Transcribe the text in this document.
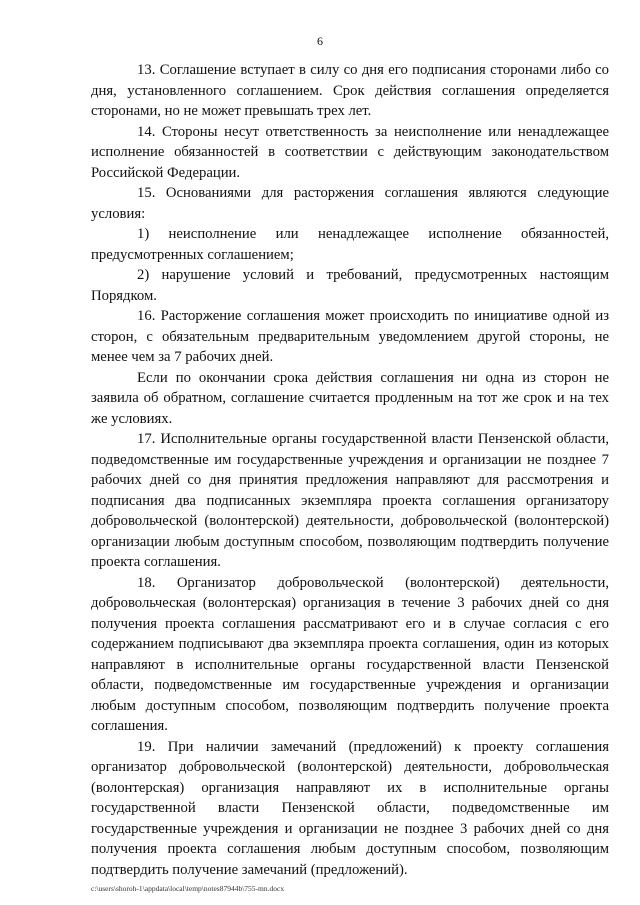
6

13. Соглашение вступает в силу со дня его подписания сторонами либо со дня, установленного соглашением. Срок действия соглашения определяется сторонами, но не может превышать трех лет.

14. Стороны несут ответственность за неисполнение или ненадлежащее исполнение обязанностей в соответствии с действующим законодательством Российской Федерации.

15. Основаниями для расторжения соглашения являются следующие условия:

1) неисполнение или ненадлежащее исполнение обязанностей, предусмотренных соглашением;

2) нарушение условий и требований, предусмотренных настоящим Порядком.

16. Расторжение соглашения может происходить по инициативе одной из сторон, с обязательным предварительным уведомлением другой стороны, не менее чем за 7 рабочих дней.

Если по окончании срока действия соглашения ни одна из сторон не заявила об обратном, соглашение считается продленным на тот же срок и на тех же условиях.

17. Исполнительные органы государственной власти Пензенской области, подведомственные им государственные учреждения и организации не позднее 7 рабочих дней со дня принятия предложения направляют для рассмотрения и подписания два подписанных экземпляра проекта соглашения организатору добровольческой (волонтерской) деятельности, добровольческой (волонтерской) организации любым доступным способом, позволяющим подтвердить получение проекта соглашения.

18. Организатор добровольческой (волонтерской) деятельности, добровольческая (волонтерская) организация в течение 3 рабочих дней со дня получения проекта соглашения рассматривают его и в случае согласия с его содержанием подписывают два экземпляра проекта соглашения, один из которых направляют в исполнительные органы государственной власти Пензенской области, подведомственные им государственные учреждения и организации любым доступным способом, позволяющим подтвердить получение проекта соглашения.

19. При наличии замечаний (предложений) к проекту соглашения организатор добровольческой (волонтерской) деятельности, добровольческая (волонтерская) организация направляют их в исполнительные органы государственной власти Пензенской области, подведомственные им государственные учреждения и организации не позднее 3 рабочих дней со дня получения проекта соглашения любым доступным способом, позволяющим подтвердить получение замечаний (предложений).

c:\users\shoroh-1\appdata\local\temp\notes87944b\755-mn.docx
